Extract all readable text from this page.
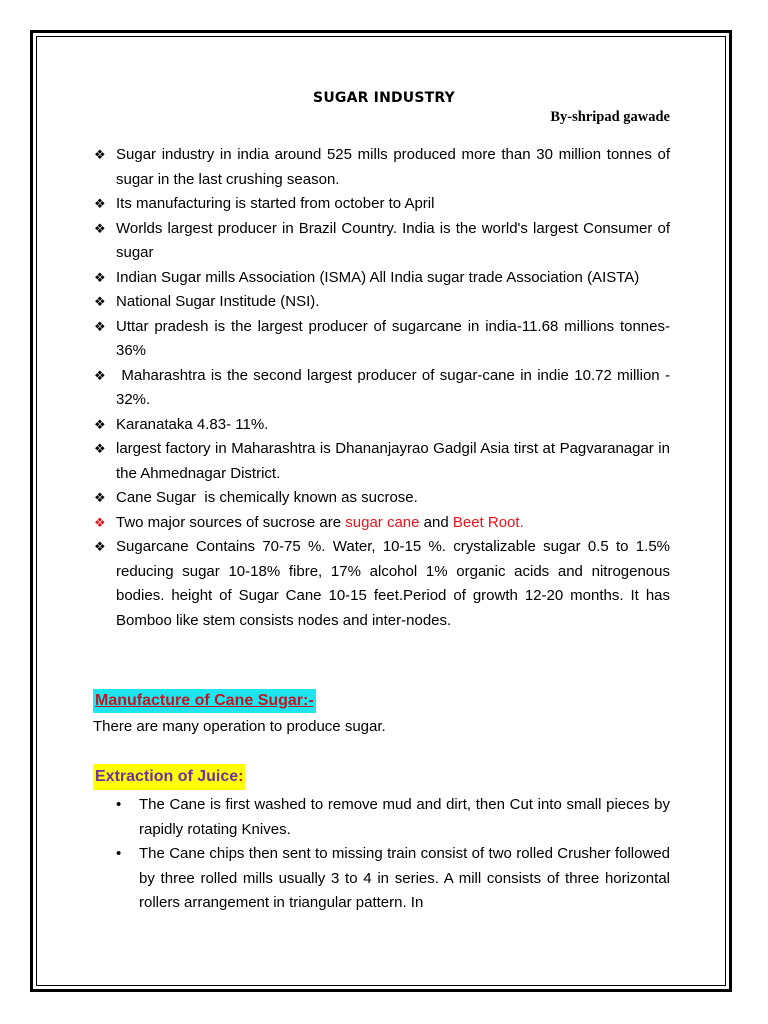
SUGAR INDUSTRY
By-shripad gawade
❖ Sugar industry in india around 525 mills produced more than 30 million tonnes of sugar in the last crushing season.
❖ Its manufacturing is started from october to April
❖ Worlds largest producer in Brazil Country. India is the world's largest Consumer of sugar
❖ Indian Sugar mills Association (ISMA) All India sugar trade Association (AISTA)
❖ National Sugar Institude (NSI).
❖ Uttar pradesh is the largest producer of sugarcane in india-11.68 millions tonnes-36%
❖ Maharashtra is the second largest producer of sugar-cane in indie 10.72 million - 32%.
❖ Karanataka 4.83- 11%.
❖ largest factory in Maharashtra is Dhananjayrao Gadgil Asia tirst at Pagvaranagar in the Ahmednagar District.
❖ Cane Sugar  is chemically known as sucrose.
❖ Two major sources of sucrose are sugar cane and Beet Root.
❖ Sugarcane Contains 70-75 %. Water, 10-15 %. crystalizable sugar 0.5 to 1.5% reducing sugar 10-18% fibre, 17% alcohol 1% organic acids and nitrogenous bodies. height of Sugar Cane 10-15 feet.Period of growth 12-20 months. It has Bomboo like stem consists nodes and inter-nodes.
Manufacture of Cane Sugar:-
There are many operation to produce sugar.
Extraction of Juice:
• The Cane is first washed to remove mud and dirt, then Cut into small pieces by rapidly rotating Knives.
• The Cane chips then sent to missing train consist of two rolled Crusher followed by three rolled mills usually 3 to 4 in series. A mill consists of three horizontal rollers arrangement in triangular pattern. In
